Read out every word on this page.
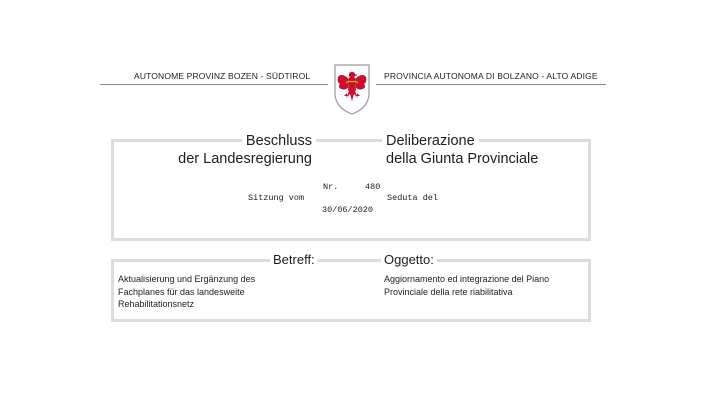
AUTONOME PROVINZ BOZEN - SÜDTIROL	PROVINCIA AUTONOMA DI BOLZANO - ALTO ADIGE
Beschluss
der Landesregierung
Deliberazione
della Giunta Provinciale
Nr.	480
Sitzung vom	Seduta del
30/06/2020
Betreff:	Oggetto:
Aktualisierung und Ergänzung des
Fachplanes für das landesweite
Rehabilitationsnetz
Aggiornamento ed integrazione del Piano
Provinciale della rete riabilitativa
